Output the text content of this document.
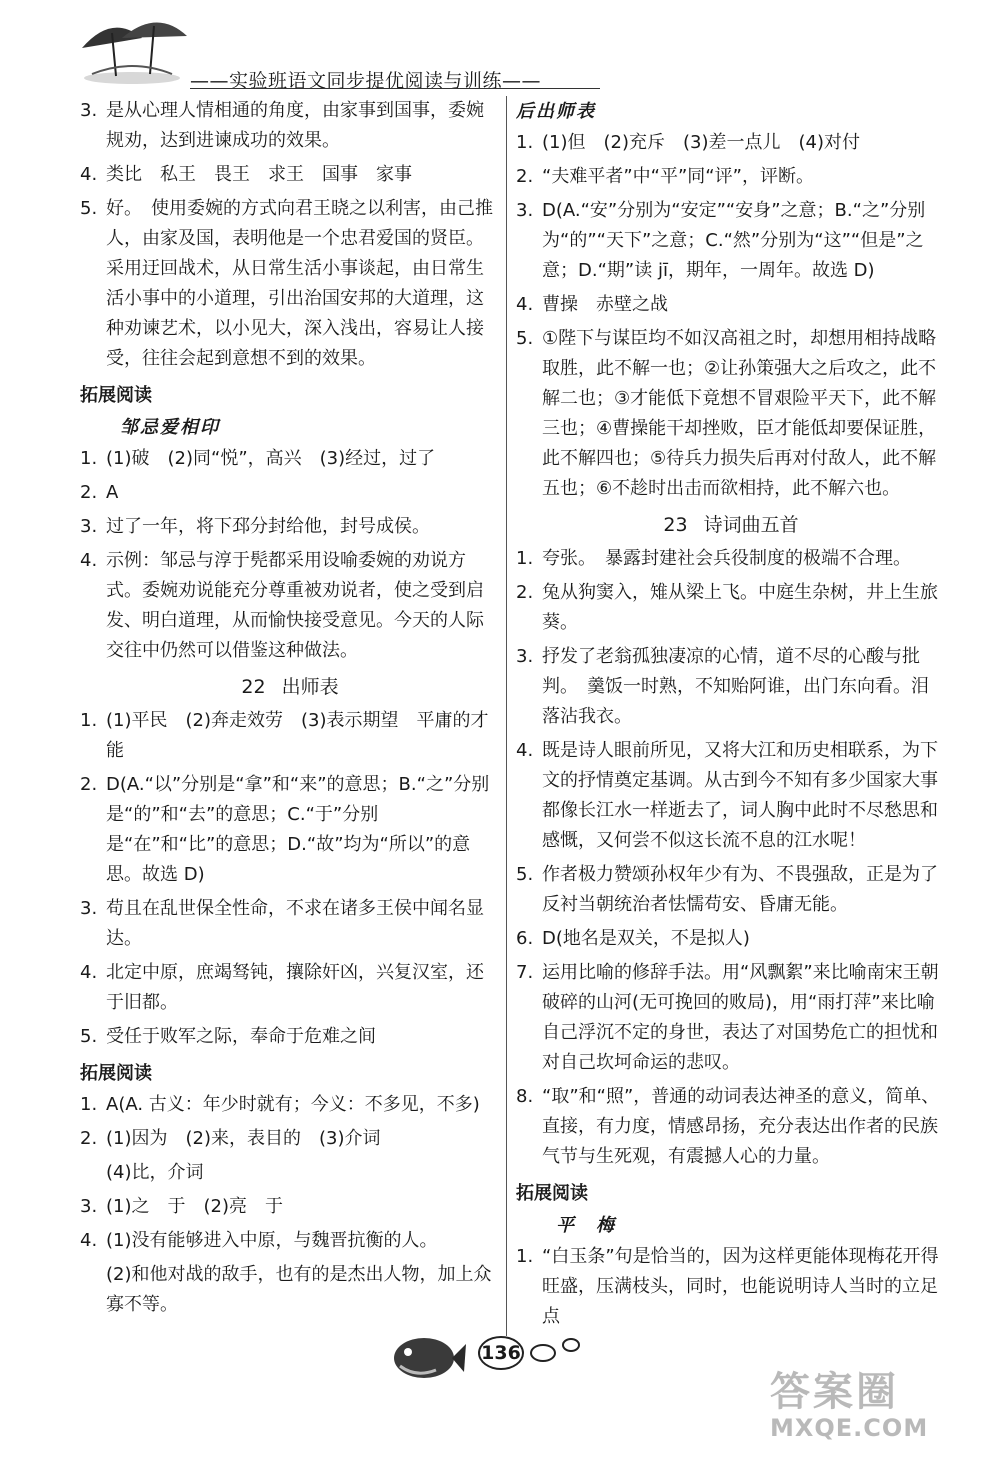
——实验班语文同步提优阅读与训练——
3. 是从心理人情相通的角度，由家事到国事，委婉规劝，达到进谏成功的效果。
4. 类比　私王　畏王　求王　国事　家事
5. 好。　使用委婉的方式向君王晓之以利害，由己推人，由家及国，表明他是一个忠君爱国的贤臣。采用迂回战术，从日常生活小事谈起，由日常生活小事中的小道理，引出治国安邦的大道理，这种劝谏艺术，以小见大，深入浅出，容易让人接受，往往会起到意想不到的效果。
拓展阅读
邹忌爱相印
1. (1)破　(2)同“悦”，高兴　(3)经过，过了
2. A
3. 过了一年，将下邳分封给他，封号成侯。
4. 示例：邹忌与淳于髡都采用设喻委婉的劝说方式。委婉劝说能充分尊重被劝说者，使之受到启发、明白道理，从而愉快接受意见。今天的人际交往中仍然可以借鉴这种做法。
22 出师表
1. (1)平民　(2)奔走效劳　(3)表示期望　平庸的才能
2. D(A.“以”分别是“拿”和“来”的意思；B.“之”分别是“的”和“去”的意思；C.“于”分别是“在”和“比”的意思；D.“故”均为“所以”的意思。故选 D)
3. 苟且在乱世保全性命，不求在诸多王侯中闻名显达。
4. 北定中原，庶竭驽钝，攘除奸凶，兴复汉室，还于旧都。
5. 受任于败军之际，奉命于危难之间
拓展阅读
1. A(A. 古义：年少时就有；今义：不多见，不多)
2. (1)因为　(2)来，表目的　(3)介词
(4)比，介词
3. (1)之　于　(2)亮　于
4. (1)没有能够进入中原，与魏晋抗衡的人。
(2)和他对战的敌手，也有的是杰出人物，加上众寡不等。
后出师表
1. (1)但　(2)充斥　(3)差一点儿　(4)对付
2. “夫难平者”中“平”同“评”，评断。
3. D(A.“安”分别为“安定”“安身”之意；B.“之”分别为“的”“天下”之意；C.“然”分别为“这”“但是”之意；D.“期”读 jī，期年，一周年。故选 D)
4. 曹操　赤壁之战
5. ①陛下与谋臣均不如汉高祖之时，却想用相持战略取胜，此不解一也；②让孙策强大之后攻之，此不解二也；③才能低下竟想不冒艰险平天下，此不解三也；④曹操能干却挫败，臣才能低却要保证胜，此不解四也；⑤待兵力损失后再对付敌人，此不解五也；⑥不趁时出击而欲相持，此不解六也。
23 诗词曲五首
1. 夸张。　暴露封建社会兵役制度的极端不合理。
2. 兔从狗窦入，雉从梁上飞。中庭生杂树，井上生旅葵。
3. 抒发了老翁孤独凄凉的心情，道不尽的心酸与批判。　羹饭一时熟，不知贻阿谁，出门东向看。泪落沾我衣。
4. 既是诗人眼前所见，又将大江和历史相联系，为下文的抒情奠定基调。从古到今不知有多少国家大事都像长江水一样逝去了，词人胸中此时不尽愁思和感慨，又何尝不似这长流不息的江水呢！
5. 作者极力赞颂孙权年少有为、不畏强敌，正是为了反衬当朝统治者怯懦苟安、昏庸无能。
6. D(地名是双关，不是拟人)
7. 运用比喻的修辞手法。用“风飘絮”来比喻南宋王朝破碎的山河(无可挽回的败局)，用“雨打萍”来比喻自己浮沉不定的身世，表达了对国势危亡的担忧和对自己坎坷命运的悲叹。
8. “取”和“照”，普通的动词表达神圣的意义，简单、直接，有力度，情感昂扬，充分表达出作者的民族气节与生死观，有震撼人心的力量。
拓展阅读
平　梅
1. “白玉条”句是恰当的，因为这样更能体现梅花开得旺盛，压满枝头，同时，也能说明诗人当时的立足点
136
答案圈
MXQE.COM
